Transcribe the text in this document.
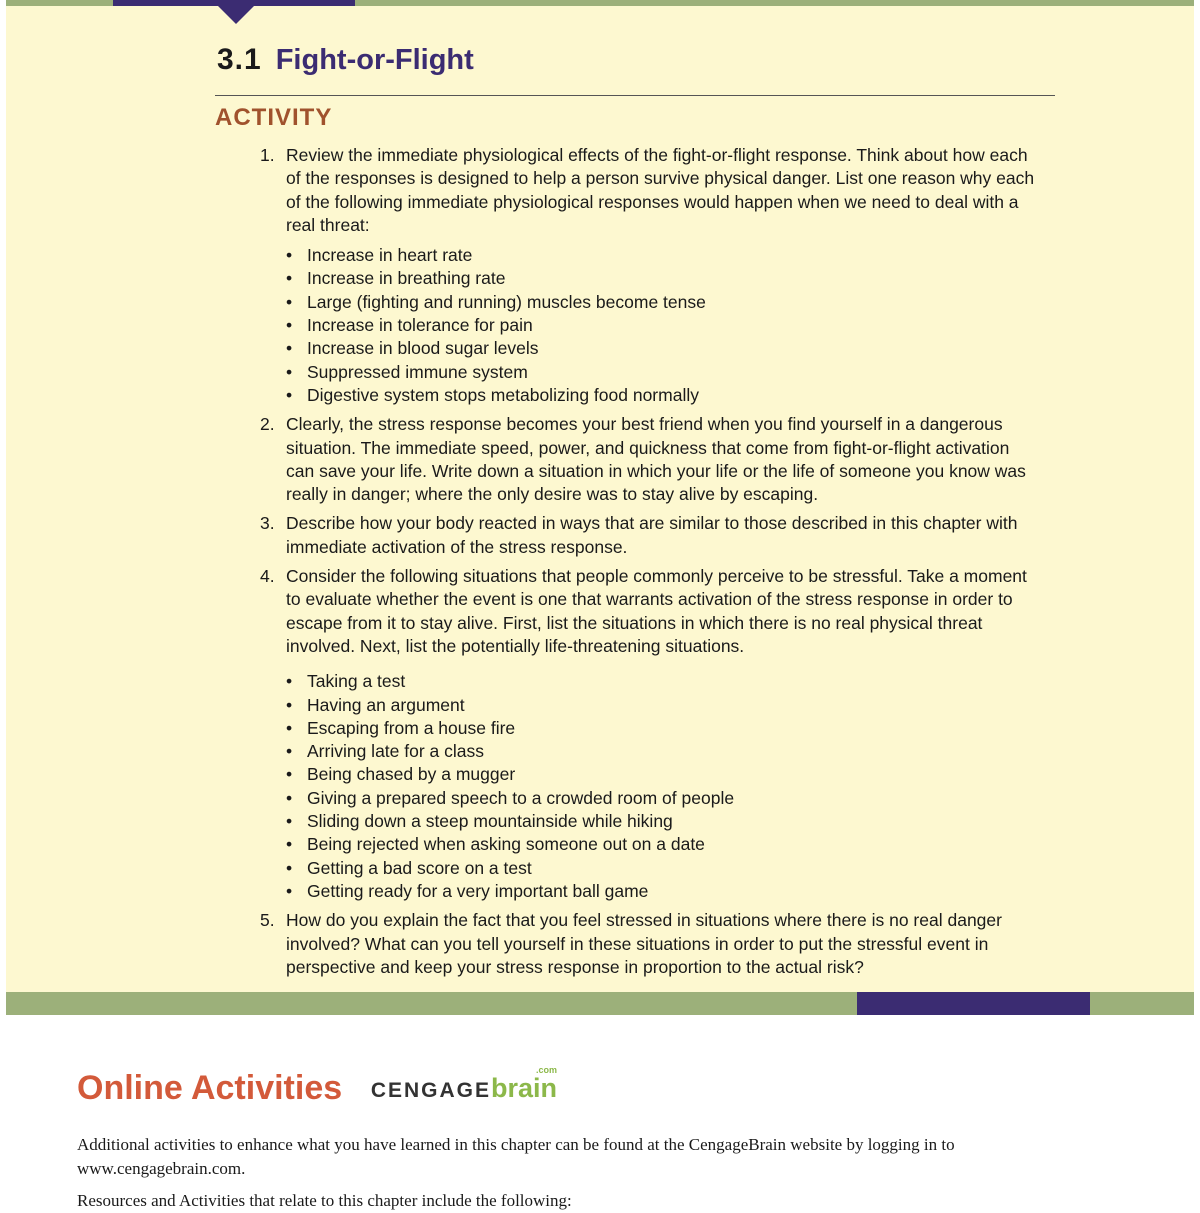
3.1 Fight-or-Flight
ACTIVITY
1. Review the immediate physiological effects of the fight-or-flight response. Think about how each of the responses is designed to help a person survive physical danger. List one reason why each of the following immediate physiological responses would happen when we need to deal with a real threat:
• Increase in heart rate
• Increase in breathing rate
• Large (fighting and running) muscles become tense
• Increase in tolerance for pain
• Increase in blood sugar levels
• Suppressed immune system
• Digestive system stops metabolizing food normally
2. Clearly, the stress response becomes your best friend when you find yourself in a dangerous situation. The immediate speed, power, and quickness that come from fight-or-flight activation can save your life. Write down a situation in which your life or the life of someone you know was really in danger; where the only desire was to stay alive by escaping.
3. Describe how your body reacted in ways that are similar to those described in this chapter with immediate activation of the stress response.
4. Consider the following situations that people commonly perceive to be stressful. Take a moment to evaluate whether the event is one that warrants activation of the stress response in order to escape from it to stay alive. First, list the situations in which there is no real physical threat involved. Next, list the potentially life-threatening situations.
• Taking a test
• Having an argument
• Escaping from a house fire
• Arriving late for a class
• Being chased by a mugger
• Giving a prepared speech to a crowded room of people
• Sliding down a steep mountainside while hiking
• Being rejected when asking someone out on a date
• Getting a bad score on a test
• Getting ready for a very important ball game
5. How do you explain the fact that you feel stressed in situations where there is no real danger involved? What can you tell yourself in these situations in order to put the stressful event in perspective and keep your stress response in proportion to the actual risk?
Online Activities CENGAGEbrain
.com

Additional activities to enhance what you have learned in this chapter can be found at the CengageBrain website by logging in to www.cengagebrain.com.

Resources and Activities that relate to this chapter include the following:
